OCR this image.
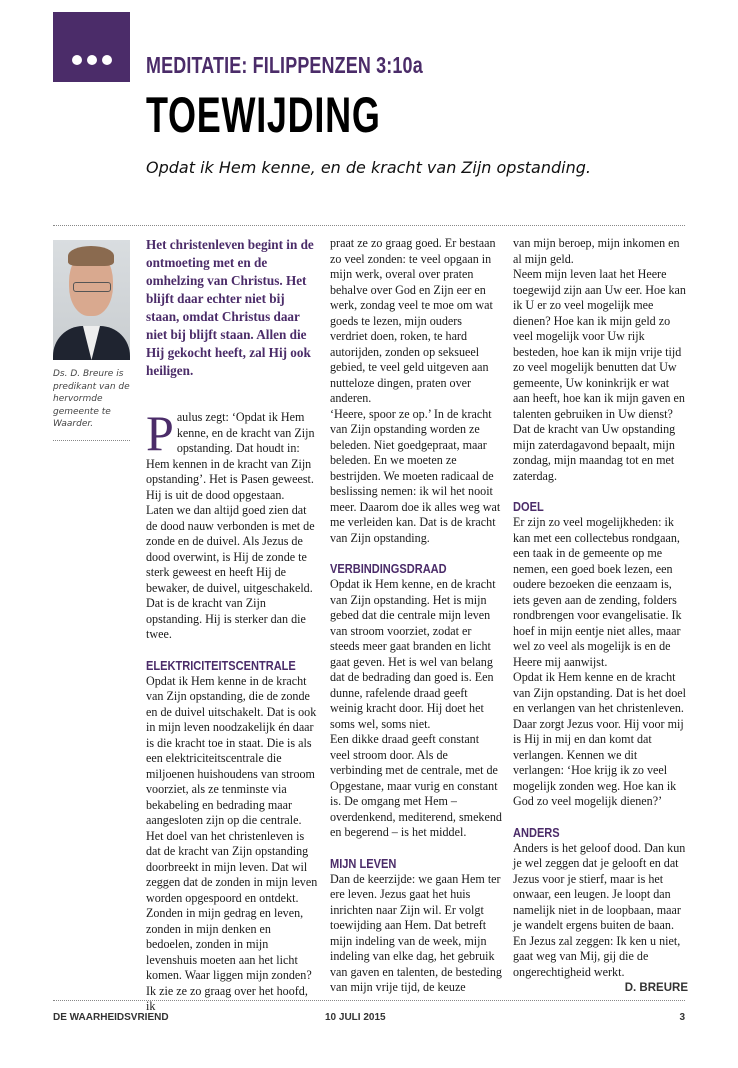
MEDITATIE: FILIPPENZEN 3:10a
TOEWIJDING
Opdat ik Hem kenne, en de kracht van Zijn opstanding.
Ds. D. Breure is predikant van de hervormde gemeente te Waarder.

Het christenleven begint in de ontmoeting met en de omhelzing van Christus. Het blijft daar echter niet bij staan, omdat Christus daar niet bij blijft staan. Allen die Hij gekocht heeft, zal Hij ook heiligen.

Paulus zegt: ‘Opdat ik Hem kenne, en de kracht van Zijn opstanding. Dat houdt in: Hem kennen in de kracht van Zijn opstanding’. Het is Pasen geweest. Hij is uit de dood opgestaan.

Laten we dan altijd goed zien dat de dood nauw verbonden is met de zonde en de duivel. Als Jezus de dood overwint, is Hij de zonde te sterk geweest en heeft Hij de bewaker, de duivel, uitgeschakeld. Dat is de kracht van Zijn opstanding. Hij is sterker dan die twee.

ELEKTRICITEITSCENTRALE

Opdat ik Hem kenne in de kracht van Zijn opstanding, die de zonde en de duivel uitschakelt. Dat is ook in mijn leven noodzakelijk én daar is die kracht toe in staat. Die is als een elektriciteitscentrale die miljoenen huishoudens van stroom voorziet, als ze tenminste via bekabeling en bedrading maar aangesloten zijn op die centrale. Het doel van het christenleven is dat de kracht van Zijn opstanding doorbreekt in mijn leven. Dat wil zeggen dat de zonden in mijn leven worden opgespoord en ontdekt. Zonden in mijn gedrag en leven, zonden in mijn denken en bedoelen, zonden in mijn levenshuis moeten aan het licht komen. Waar liggen mijn zonden? Ik zie ze zo graag over het hoofd, ik

praat ze zo graag goed. Er bestaan zo veel zonden: te veel opgaan in mijn werk, overal over praten behalve over God en Zijn eer en werk, zondag veel te moe om wat goeds te lezen, mijn ouders verdriet doen, roken, te hard autorijden, zonden op seksueel gebied, te veel geld uitgeven aan nutteloze dingen, praten over anderen.

‘Heere, spoor ze op.’ In de kracht van Zijn opstanding worden ze beleden. Niet goedgepraat, maar beleden. En we moeten ze bestrijden. We moeten radicaal de beslissing nemen: ik wil het nooit meer. Daarom doe ik alles weg wat me verleiden kan. Dat is de kracht van Zijn opstanding.

VERBINDINGSDRAAD

Opdat ik Hem kenne, en de kracht van Zijn opstanding. Het is mijn gebed dat die centrale mijn leven van stroom voorziet, zodat er steeds meer gaat branden en licht gaat geven. Het is wel van belang dat de bedrading dan goed is. Een dunne, rafelende draad geeft weinig kracht door. Hij doet het soms wel, soms niet.

Een dikke draad geeft constant veel stroom door. Als de verbinding met de centrale, met de Opgestane, maar vurig en constant is. De omgang met Hem – overdenkend, mediterend, smekend en begerend – is het middel.

MIJN LEVEN

Dan de keerzijde: we gaan Hem ter ere leven. Jezus gaat het huis inrichten naar Zijn wil. Er volgt toewijding aan Hem. Dat betreft mijn indeling van de week, mijn indeling van elke dag, het gebruik van gaven en talenten, de besteding van mijn vrije tijd, de keuze

van mijn beroep, mijn inkomen en al mijn geld.

Neem mijn leven laat het Heere toegewijd zijn aan Uw eer. Hoe kan ik U er zo veel mogelijk mee dienen? Hoe kan ik mijn geld zo veel mogelijk voor Uw rijk besteden, hoe kan ik mijn vrije tijd zo veel mogelijk benutten dat Uw gemeente, Uw koninkrijk er wat aan heeft, hoe kan ik mijn gaven en talenten gebruiken in Uw dienst? Dat de kracht van Uw opstanding mijn zaterdagavond bepaalt, mijn zondag, mijn maandag tot en met zaterdag.

DOEL

Er zijn zo veel mogelijkheden: ik kan met een collectebus rondgaan, een taak in de gemeente op me nemen, een goed boek lezen, een oudere bezoeken die eenzaam is, iets geven aan de zending, folders rondbrengen voor evangelisatie. Ik hoef in mijn eentje niet alles, maar wel zo veel als mogelijk is en de Heere mij aanwijst.

Opdat ik Hem kenne en de kracht van Zijn opstanding. Dat is het doel en verlangen van het christenleven. Daar zorgt Jezus voor. Hij voor mij is Hij in mij en dan komt dat verlangen. Kennen we dit verlangen: ‘Hoe krijg ik zo veel mogelijk zonden weg. Hoe kan ik God zo veel mogelijk dienen?’

ANDERS

Anders is het geloof dood. Dan kun je wel zeggen dat je gelooft en dat Jezus voor je stierf, maar is het onwaar, een leugen. Je loopt dan namelijk niet in de loopbaan, maar je wandelt ergens buiten de baan. En Jezus zal zeggen: Ik ken u niet, gaat weg van Mij, gij die de ongerechtigheid werkt.

D. BREURE
DE WAARHEIDSVRIEND	10 JULI 2015	3
